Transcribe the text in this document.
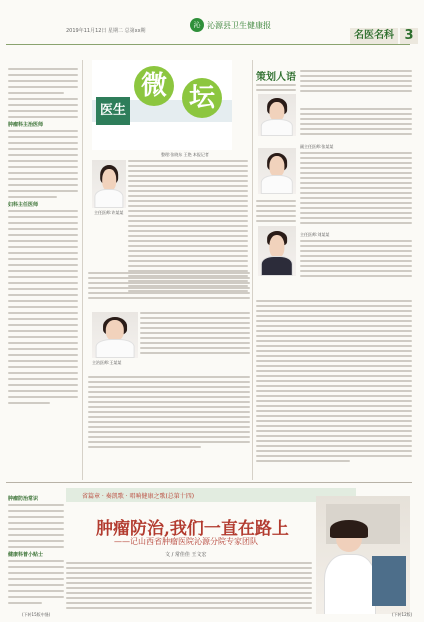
2019年11月12日 星期二 总第xx期
沁 沁源县卫生健康报
名医名科 3
肿瘤科主治医师
妇科主任医师
肿瘤防治常识
健康科普小贴士
医生
微 坛
整理:张晓东 王艳 本报记者
主任医师:许某某
主治医师:王某某
策划人语
副主任医师:张某某
主任医师:刘某某
省篇章 · 奏凯歌 · 唱响健康之歌(总第十四)
肿瘤防治,我们一直在路上
——记山西省肿瘤医院沁源分院专家团队
文 / 常佳佳 王文宏
(下转15版中缝)	(下转12版)
